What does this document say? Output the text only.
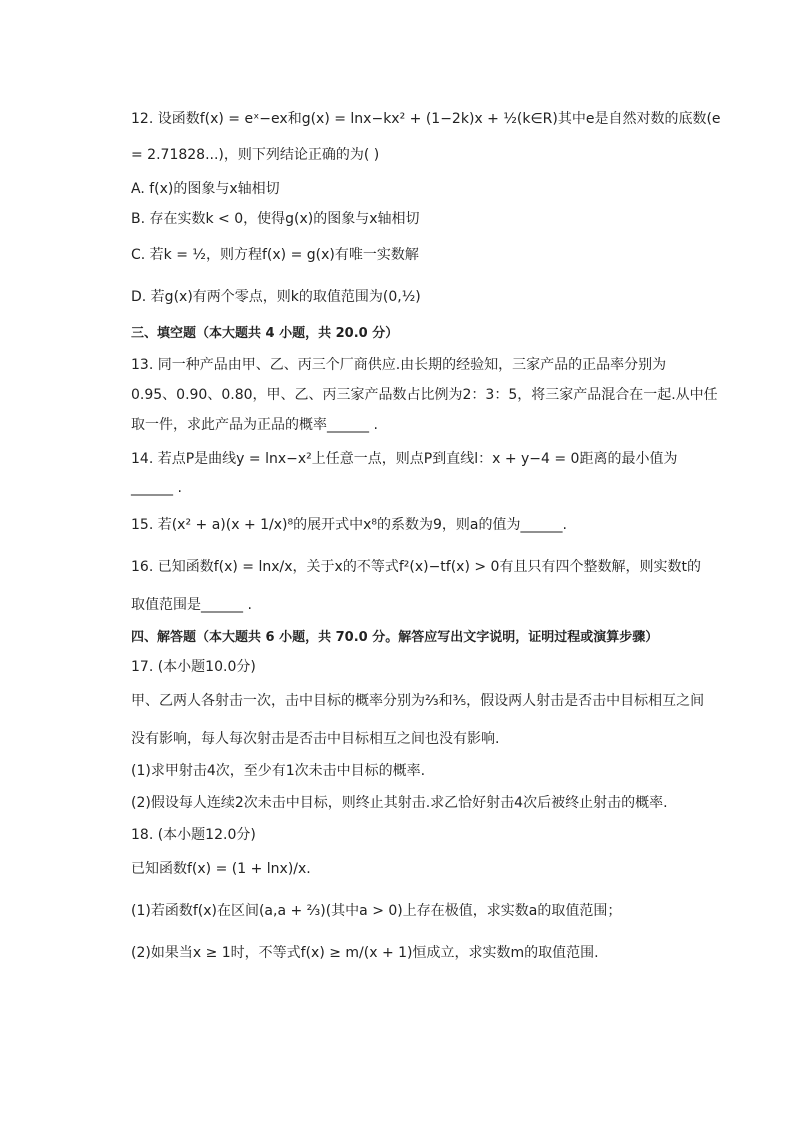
12. 设函数f(x) = eˣ−ex和g(x) = lnx−kx² + (1−2k)x + ½(k∈R)其中e是自然对数的底数(e
= 2.71828...)，则下列结论正确的为( )
A. f(x)的图象与x轴相切
B. 存在实数k < 0，使得g(x)的图象与x轴相切
C. 若k = ½，则方程f(x) = g(x)有唯一实数解
D. 若g(x)有两个零点，则k的取值范围为(0,½)
三、填空题（本大题共 4 小题，共 20.0 分）
13. 同一种产品由甲、乙、丙三个厂商供应.由长期的经验知，三家产品的正品率分别为
0.95、0.90、0.80，甲、乙、丙三家产品数占比例为2：3：5，将三家产品混合在一起.从中任
取一件，求此产品为正品的概率______ .
14. 若点P是曲线y = lnx−x²上任意一点，则点P到直线l：x + y−4 = 0距离的最小值为
______ .
15. 若(x² + a)(x + 1/x)⁸的展开式中x⁸的系数为9，则a的值为______.
16. 已知函数f(x) = lnx/x，关于x的不等式f²(x)−tf(x) > 0有且只有四个整数解，则实数t的
取值范围是______ .
四、解答题（本大题共 6 小题，共 70.0 分。解答应写出文字说明，证明过程或演算步骤）
17. (本小题10.0分)
甲、乙两人各射击一次，击中目标的概率分别为⅔和⅗，假设两人射击是否击中目标相互之间
没有影响，每人每次射击是否击中目标相互之间也没有影响.
(1)求甲射击4次，至少有1次未击中目标的概率.
(2)假设每人连续2次未击中目标，则终止其射击.求乙恰好射击4次后被终止射击的概率.
18. (本小题12.0分)
已知函数f(x) = (1 + lnx)/x.
(1)若函数f(x)在区间(a,a + ⅔)(其中a > 0)上存在极值，求实数a的取值范围；
(2)如果当x ≥ 1时，不等式f(x) ≥ m/(x + 1)恒成立，求实数m的取值范围.
